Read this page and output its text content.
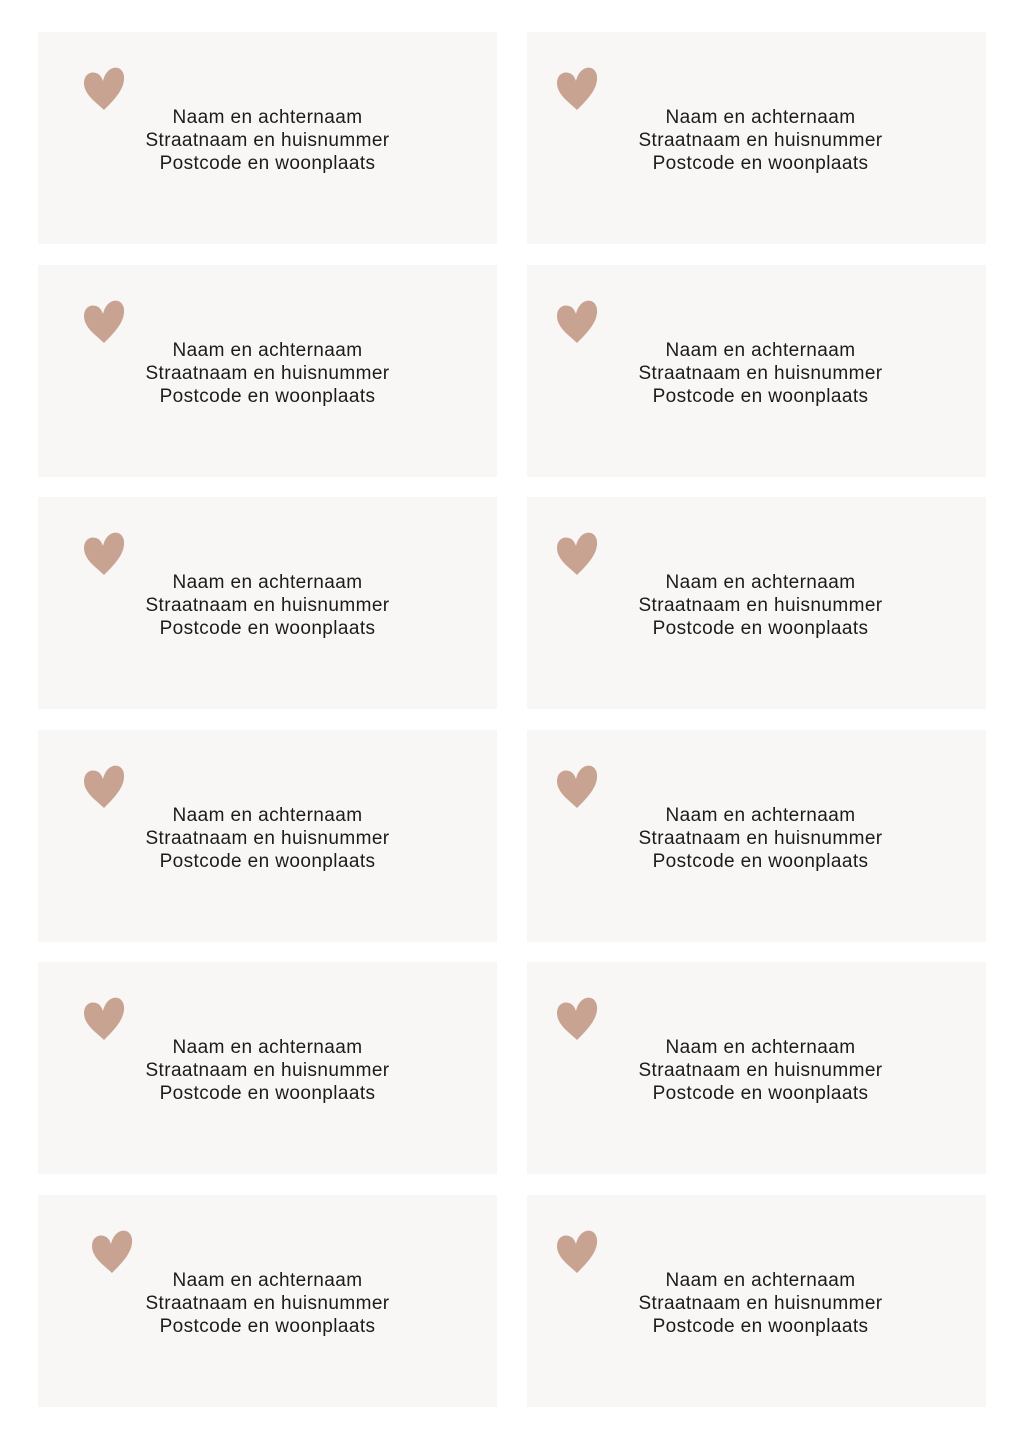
Naam en achternaam
Straatnaam en huisnummer
Postcode en woonplaats
Naam en achternaam
Straatnaam en huisnummer
Postcode en woonplaats
Naam en achternaam
Straatnaam en huisnummer
Postcode en woonplaats
Naam en achternaam
Straatnaam en huisnummer
Postcode en woonplaats
Naam en achternaam
Straatnaam en huisnummer
Postcode en woonplaats
Naam en achternaam
Straatnaam en huisnummer
Postcode en woonplaats
Naam en achternaam
Straatnaam en huisnummer
Postcode en woonplaats
Naam en achternaam
Straatnaam en huisnummer
Postcode en woonplaats
Naam en achternaam
Straatnaam en huisnummer
Postcode en woonplaats
Naam en achternaam
Straatnaam en huisnummer
Postcode en woonplaats
Naam en achternaam
Straatnaam en huisnummer
Postcode en woonplaats
Naam en achternaam
Straatnaam en huisnummer
Postcode en woonplaats
